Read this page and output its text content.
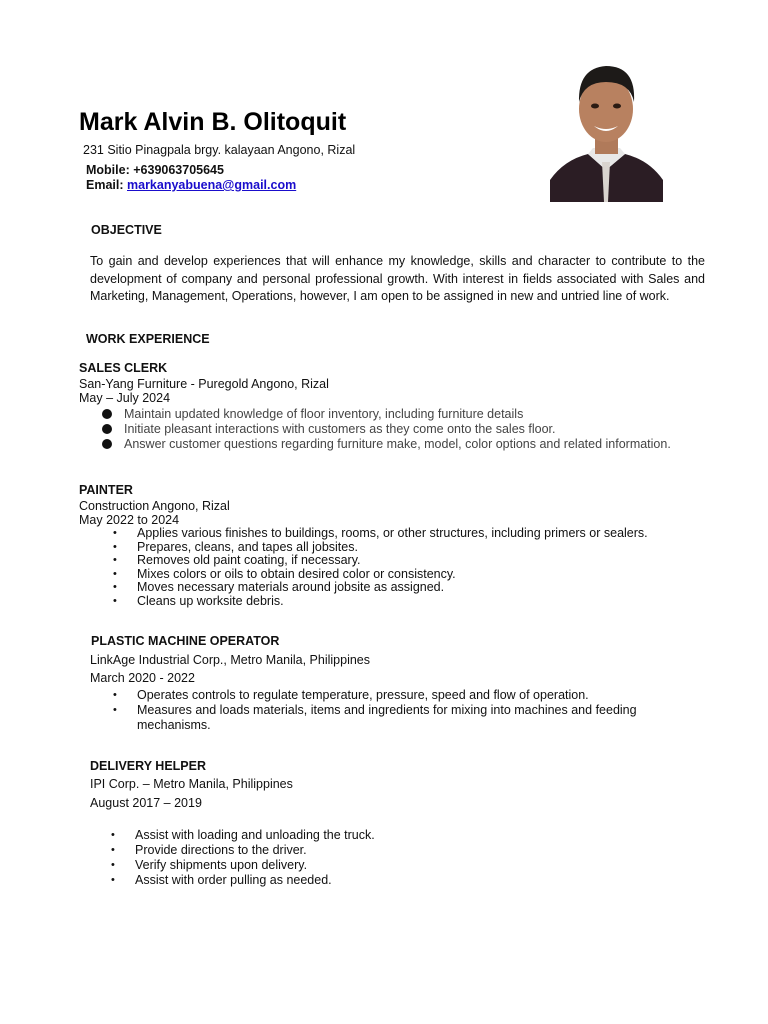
Mark Alvin B. Olitoquit
231 Sitio Pinagpala brgy. kalayaan Angono, Rizal
Mobile: +639063705645
Email: markanyabuena@gmail.com
OBJECTIVE
To gain and develop experiences that will enhance my knowledge, skills and character to contribute to the development of company and personal professional growth. With interest in fields associated with Sales and Marketing, Management, Operations, however, I am open to be assigned in new and untried line of work.
WORK EXPERIENCE
SALES CLERK
San-Yang Furniture - Puregold Angono, Rizal
May – July 2024
Maintain updated knowledge of floor inventory, including furniture details
Initiate pleasant interactions with customers as they come onto the sales floor.
Answer customer questions regarding furniture make, model, color options and related information.
PAINTER
Construction Angono, Rizal
May 2022 to 2024
• Applies various finishes to buildings, rooms, or other structures, including primers or sealers.
• Prepares, cleans, and tapes all jobsites.
• Removes old paint coating, if necessary.
• Mixes colors or oils to obtain desired color or consistency.
• Moves necessary materials around jobsite as assigned.
• Cleans up worksite debris.
PLASTIC MACHINE OPERATOR
LinkAge Industrial Corp., Metro Manila, Philippines
March 2020 - 2022
• Operates controls to regulate temperature, pressure, speed and flow of operation.
• Measures and loads materials, items and ingredients for mixing into machines and feeding mechanisms.
DELIVERY HELPER
IPI Corp. – Metro Manila, Philippines
August 2017 – 2019
• Assist with loading and unloading the truck.
• Provide directions to the driver.
• Verify shipments upon delivery.
• Assist with order pulling as needed.
